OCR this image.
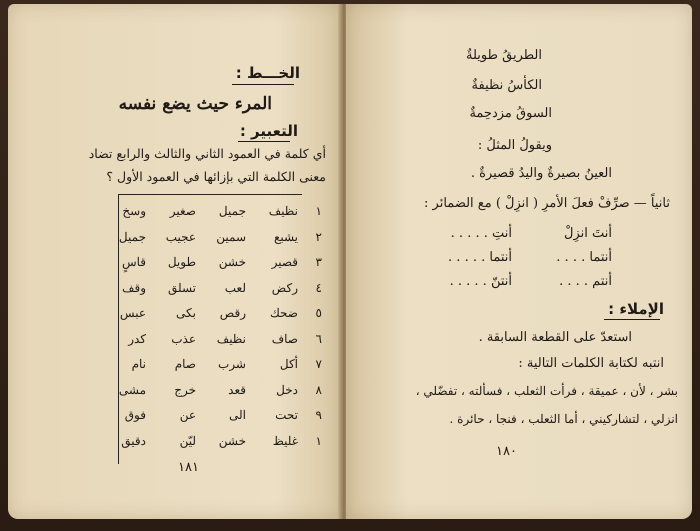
الخـــط :
المرء حيث يضع نفسه
التعبير :
أي كلمة في العمود الثاني والثالث والرابع تضاد
معنى الكلمة التي بإزائها في العمود الأول ؟
١٨١
١
نظيف
جميل
صغير
وسخ
٢
يشبع
سمين
عجيب
جميل
٣
قصير
خشن
طويل
قاسٍ
٤
ركض
لعب
تسلق
وقف
٥
ضحك
رقص
بكى
عبس
٦
صاف
نظيف
عذب
كدر
٧
أكل
شرب
صام
نام
٨
دخل
قعد
خرج
مشى
٩
تحت
الى
عن
فوق
١
غليظ
خشن
ليّن
دقيق
الطريقُ طويلةٌ
الكأسُ نظيفةٌ
السوقُ مزدحِمةٌ
ويقولُ المثلُ :
العينُ بصيرةٌ واليدُ قصيرةٌ .
ثانياً — صرِّفْ فعلَ الأمرِ ( انزِلْ ) مع الضمائر :
أنتَ انزِلْ
أنتِ . . . . .
أنتما . . . .
أنتما . . . . .
أنتم . . . .
أنتنّ . . . . .
الإملاء :
استعدّ على القطعة السابقة .
انتبه لكتابة الكلمات التالية :
بشر ، لأن ، عميقة ، فرأت الثعلب ، فسألته ، تفضّلي ،
انزلي ، لتشاركيني ، أما الثعلب ، فنجا ، حائرة .
١٨٠
